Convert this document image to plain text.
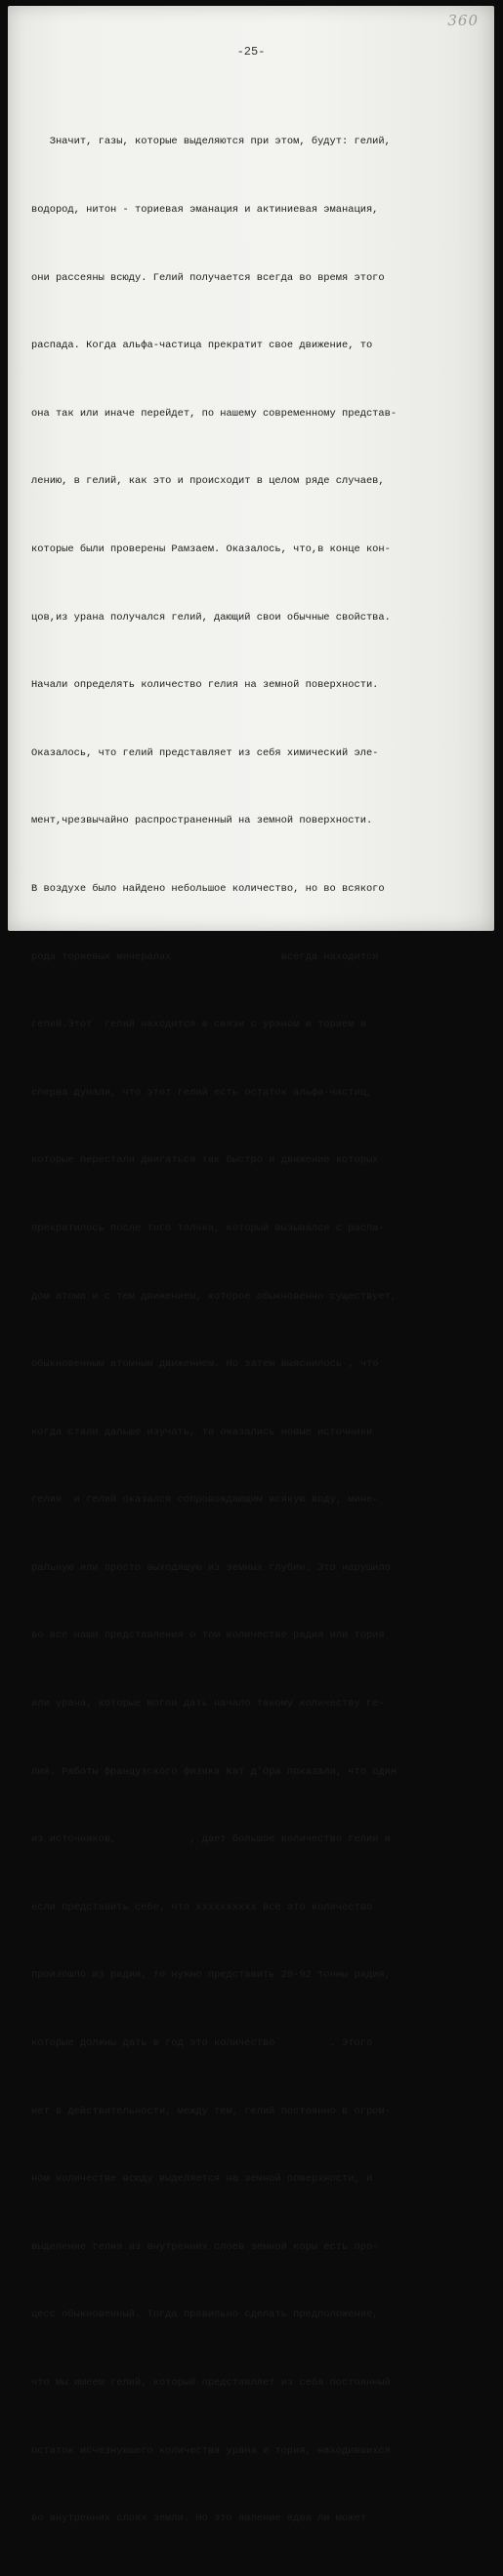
360
-25-

Значит, газы, которые выделяются при этом, будут: гелий,

водород, нитон - ториевая эманация и актиниевая эманация,

они рассеяны всюду. Гелий получается всегда во время этого

распада. Когда альфа-частица прекратит свое движение, то

она так или иначе перейдет, по нашему современному представ-

лению, в гелий, как это и происходит в целом ряде случаев,

которые были проверены Рамзаем. Оказалось, что,в конце кон-

цов,из урана получался гелий, дающий свои обычные свойства.

Начали определять количество гелия на земной поверхности.

Оказалось, что гелий представляет из себя химический эле-

мент,чрезвычайно распространенный на земной поверхности.

В воздухе было найдено небольшое количество, но во всякого

рода ториевых минералах                  всегда находится

гелий.Этот  гелий находится в связи с ураном и торием и

сперва думали, что этот гелий есть остаток альфа-частиц,

которые перестали двигаться так быстро и движение которых

прекратилось после того толчка, который вызывался с распа-

дом атома и с тем движением, которое обыкновенно существует,

обыкновенным атомным движением. Но затем выяснилось , что

когда стали дальше изучать, то оказались новые источники

гелия  и гелий оказался сопровождающим всякую воду, мине-

ральную или просто выходящую из земных глубин. Это нарушило

во все наши представления о том количестве радия или тория

или урана, которые могли дать начало такому количеству ге-

лия. Работы французского физика Кат д'Ора показали, что один

из источников,            , дает большое количество гелия и

если представить себе, что xxxxxxxxxx все это количество

произошло из радия, то нужно представить 20-92 тонны радия,

которые должны дать в год это количество         . Этого

нет в действительности, между тем, гелий постоянно в огром-

ном количестве всюду выделяется на земной поверхности, и

выделение гелия из внутренних слоев земной коры есть про-

цесс обыкновенный. Тогда правильно сделать предположение,

что мы имеем гелий, который представляет из себя постоянный

остаток исчезнувшего количества урана и тория, находившихся

во внутренних слоях земли. Но это явление едва ли может
